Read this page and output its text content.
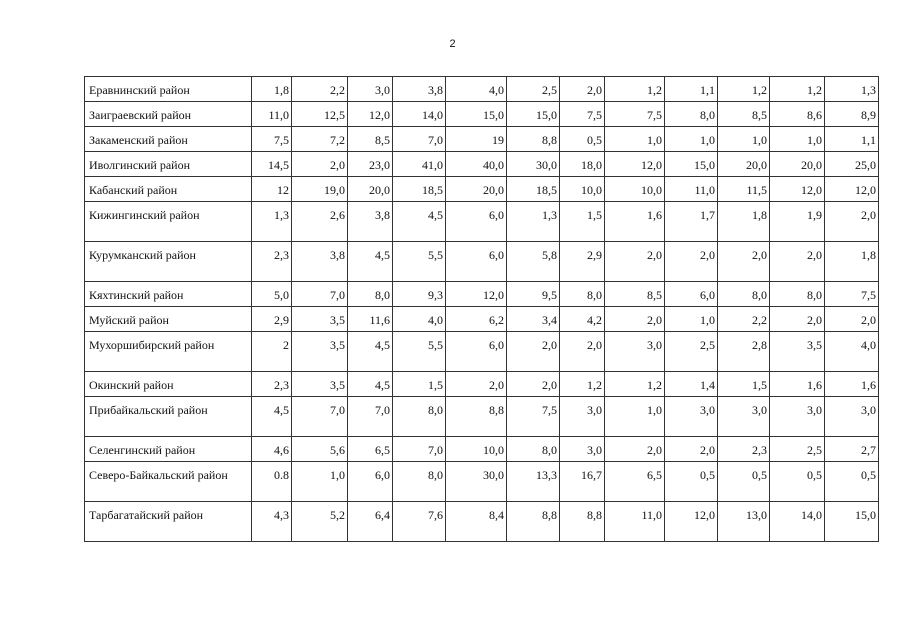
2
Еравнинский район	1,8	2,2	3,0	3,8	4,0	2,5	2,0	1,2	1,1	1,2	1,2	1,3
Заиграевский район	11,0	12,5	12,0	14,0	15,0	15,0	7,5	7,5	8,0	8,5	8,6	8,9
Закаменский район	7,5	7,2	8,5	7,0	19	8,8	0,5	1,0	1,0	1,0	1,0	1,1
Иволгинский район	14,5	2,0	23,0	41,0	40,0	30,0	18,0	12,0	15,0	20,0	20,0	25,0
Кабанский район	12	19,0	20,0	18,5	20,0	18,5	10,0	10,0	11,0	11,5	12,0	12,0
Кижингинский район	1,3	2,6	3,8	4,5	6,0	1,3	1,5	1,6	1,7	1,8	1,9	2,0
Курумканский район	2,3	3,8	4,5	5,5	6,0	5,8	2,9	2,0	2,0	2,0	2,0	1,8
Кяхтинский район	5,0	7,0	8,0	9,3	12,0	9,5	8,0	8,5	6,0	8,0	8,0	7,5
Муйский район	2,9	3,5	11,6	4,0	6,2	3,4	4,2	2,0	1,0	2,2	2,0	2,0
Мухоршибирский район	2	3,5	4,5	5,5	6,0	2,0	2,0	3,0	2,5	2,8	3,5	4,0
Окинский район	2,3	3,5	4,5	1,5	2,0	2,0	1,2	1,2	1,4	1,5	1,6	1,6
Прибайкальский район	4,5	7,0	7,0	8,0	8,8	7,5	3,0	1,0	3,0	3,0	3,0	3,0
Селенгинский район	4,6	5,6	6,5	7,0	10,0	8,0	3,0	2,0	2,0	2,3	2,5	2,7
Северо-Байкальский район	0.8	1,0	6,0	8,0	30,0	13,3	16,7	6,5	0,5	0,5	0,5	0,5
Тарбагатайский район	4,3	5,2	6,4	7,6	8,4	8,8	8,8	11,0	12,0	13,0	14,0	15,0
